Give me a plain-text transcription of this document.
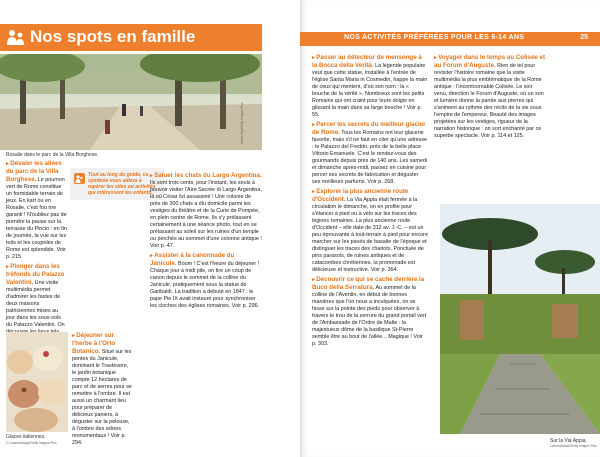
Nos spots en famille
Julien Viry/Getty Images Plus
Rosalie dans le parc de la Villa Borghese.
▸ Dévaler les allées du parc de la Villa Borghese. Le poumon vert de Rome constitue un formidable terrain de jeux. En kart ou en Rosalie, c'est fou rire garanti ! N'oubliez pas de prendre la pause sur la terrasse du Pincio : en fin de journée, la vue sur les toits et les coupoles de Rome est splendide. Voir p. 215.
▸ Plonger dans les tréfonds du Palazzo Valentini. Une visite multimédia permet d'admirer les fastes de deux maisons patriciennes mises au jour dans les sous-sols du Palazzo Valentini. On
Glaces italiennes.
© Lucasvsimage/Getty Images Plus
▸ Déjeuner sur l'herbe à l'Orto Botanico. Situé sur les pentes du Janicule, dominant le Trastevere, le jardin botanique compte 12 hectares de parc et de serres pour se remettre à l'ombre. Il est aussi un charmant lieu pour préparer de délicieux paniers, à déguster sur la pelouse, à l'ombre des arbres monumentaux ! Voir p. 294.
Tout au long du guide, ce symbole vous aidera à repérer les sites ou activités qui intéressent les enfants.
▸ Saluer les chats du Largo Argentina. Ils sont trois cents, pour l'instant, les seuls à pouvoir visiter l'Aire Sacrée di Largo Argentina, là où César fut assassiné ! Une colonie de près de 300 chats a élu domicile parmi les vestiges du théâtre et de la Curie de Pompée, en plein centre de Rome. Ils s'y prélassent certainement à une séance photo, tout en se prélassant au soleil sur les ruines d'un temple ou perchés au sommet d'une colonne antique ! Voir p. 47.
▸ Assister à la canonnade du Janicule. Boum ! C'est l'heure du déjeuner ! Chaque jour à midi pile, on tire un coup de canon depuis le sommet de la colline du Janicule, pratiquement sous la statue de Garibaldi. La tradition a débuté en 1847 : le pape Pie IX avait instauré pour synchroniser les cloches des églises romaines. Voir p. 296.
NOS ACTIVITÉS PRÉFÉRÉES POUR LES 6-14 ANS	25
▸ Passer au détecteur de mensonge à la Bocca della Verità. La légende populaire veut que cette statue, installée à l'entrée de l'église Santa Maria in Cosmedin, happe la main de ceux qui mentent, d'où son nom : la « bouche de la vérité ». Nombreux sont les petits Romains qui ont craint pour leurs doigts en glissant la main dans sa large bouche ! Voir p. 55.
▸ Percer les secrets du meilleur glacier de Rome. Tous les Romains ont leur glacerie favorite, mais s'il ne faut en citer qu'une adresse : le Palazzo del Freddo, près de la belle place Vittorio Emanuele. C'est le rendez-vous des gourmands depuis près de 140 ans. Les samedi et dimanche après-midi, passez en cuisine pour percer ses secrets de fabrication et déguster ses meilleurs parfums. Voir p. 268.
▸ Explorer la plus ancienne route d'Occident. La Via Appia était fermée à la circulation le dimanche, on en profite pour s'élancer à pied ou à vélo sur les traces des légions romaines. La plus ancienne route d'Occident – elle date de 312 av. J.-C. – est un peu éprouvante à tout-terrain à pied pour encore marcher sur les pavés de basalte de l'époque et distinguer les traces des chariots. Ponctuée de pins parasols, de ruines antiques et de catacombes chrétiennes, la promenade est délicieuse et instructive. Voir p. 364.
▸ Découvrir ce qui se cache derrière la Buco della Serratura. Au sommet de la colline de l'Aventin, en début de bonnes manières que l'on nous a inculquées, on se hisse sur la pointe des pieds pour observer à travers le trou de la serrure du grand portail vert de l'Ambassade de l'Ordre de Malte : la majestueux dôme de la basilique St-Pierre semble être au bout de l'allée... Magique ! Voir p. 303.
▸ Voyager dans le temps au Colisée et au Forum d'Auguste. Rien de tel pour revisiter l'histoire romaine que la visite multimédia la plus emblématique de la Rome antique : l'incontournable Colisée. Le soir venu, direction le Forum d'Auguste, où un son et lumière donne la parole aux pierres qui s'animent au rythme des récits de la vie sous l'empire de l'empereur. Beauté des images projetées sur les vestiges, rigueur de la narration historique : on sort enchanté par ce superbe spectacle. Voir p. 114 et 125.
Sur la Via Appia.
Lomma/Istock/Getty Images Plus
